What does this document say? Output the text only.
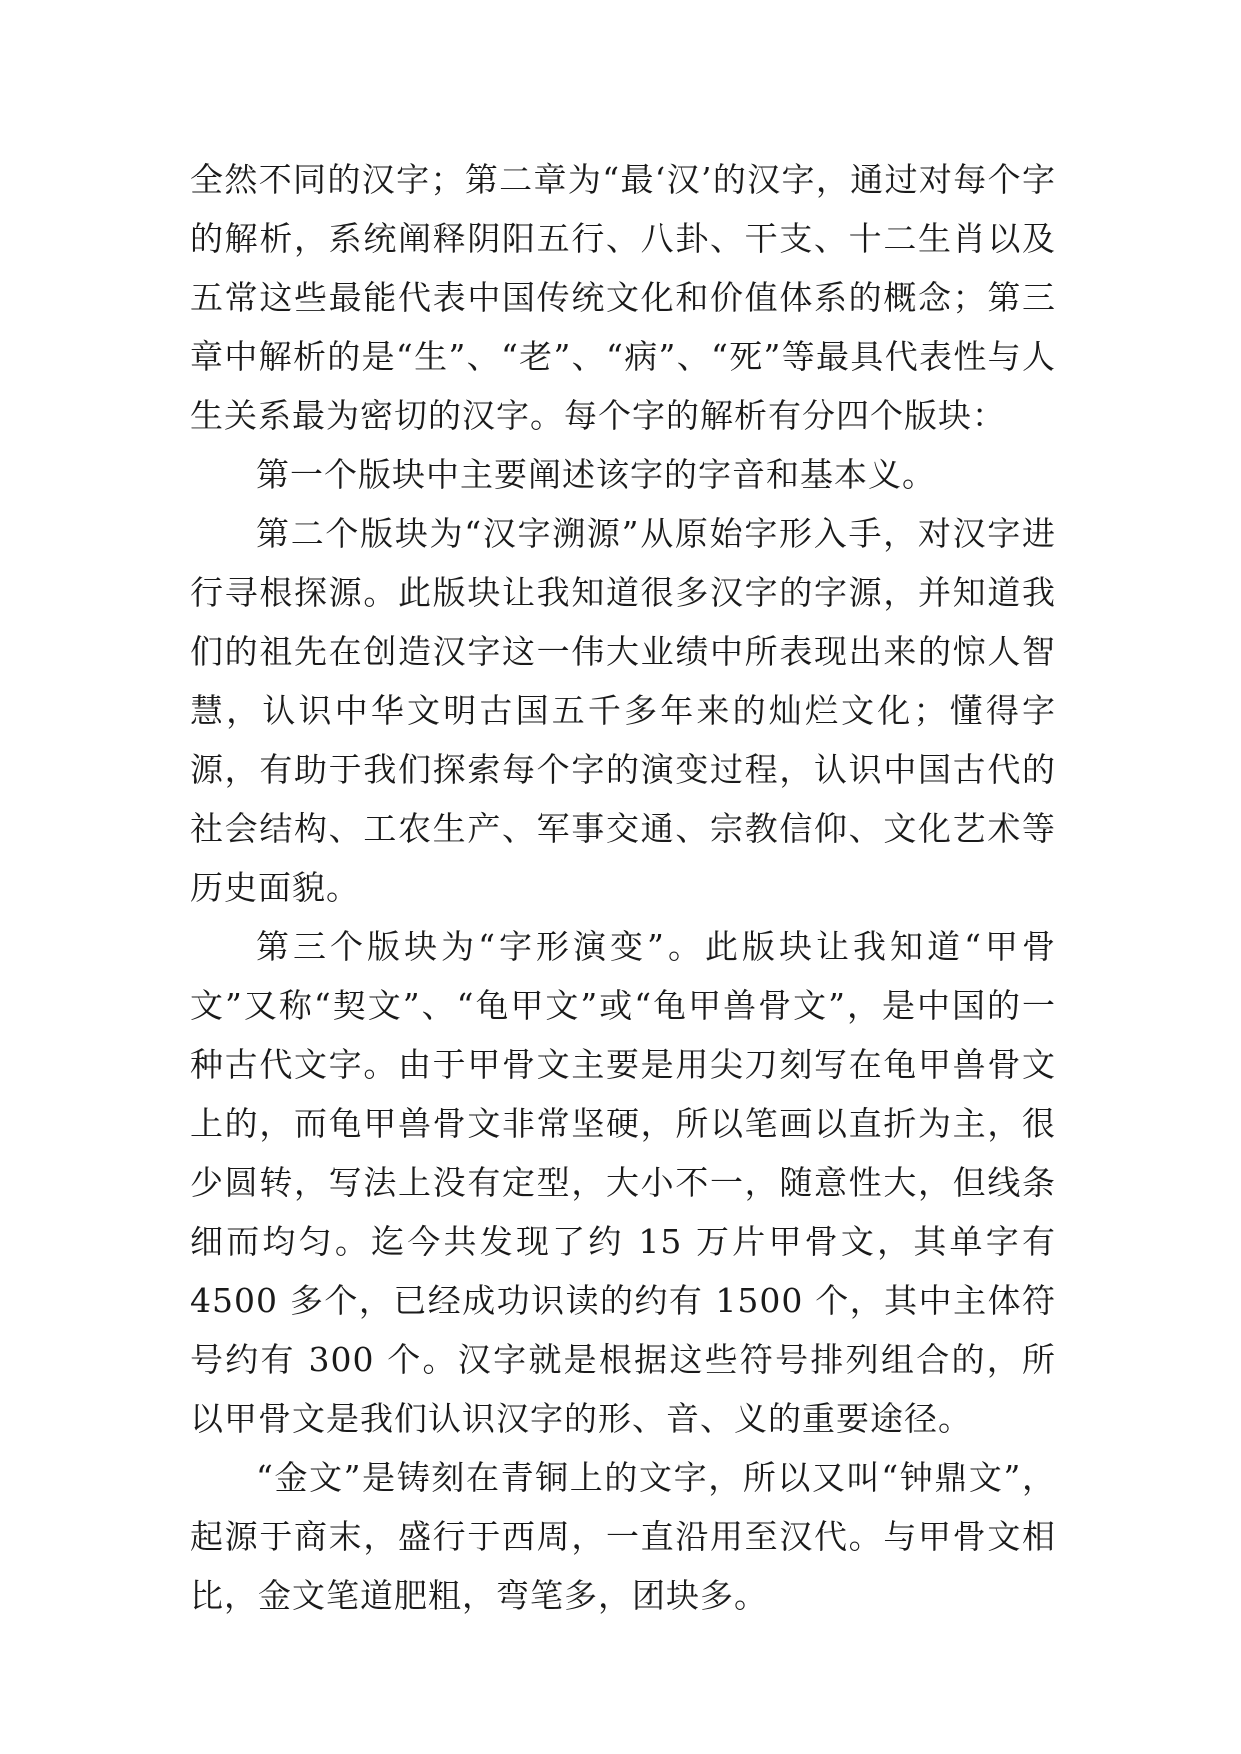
全然不同的汉字；第二章为“最‘汉’的汉字，通过对每个字的解析，系统阐释阴阳五行、八卦、干支、十二生肖以及五常这些最能代表中国传统文化和价值体系的概念；第三章中解析的是“生”、“老”、“病”、“死”等最具代表性与人生关系最为密切的汉字。每个字的解析有分四个版块：

第一个版块中主要阐述该字的字音和基本义。

第二个版块为“汉字溯源”从原始字形入手，对汉字进行寻根探源。此版块让我知道很多汉字的字源，并知道我们的祖先在创造汉字这一伟大业绩中所表现出来的惊人智慧，认识中华文明古国五千多年来的灿烂文化；懂得字源，有助于我们探索每个字的演变过程，认识中国古代的社会结构、工农生产、军事交通、宗教信仰、文化艺术等历史面貌。

第三个版块为“字形演变”。此版块让我知道“甲骨文”又称“契文”、“龟甲文”或“龟甲兽骨文”，是中国的一种古代文字。由于甲骨文主要是用尖刀刻写在龟甲兽骨文上的，而龟甲兽骨文非常坚硬，所以笔画以直折为主，很少圆转，写法上没有定型，大小不一，随意性大，但线条细而均匀。迄今共发现了约 15 万片甲骨文，其单字有 4500 多个，已经成功识读的约有 1500 个，其中主体符号约有 300 个。汉字就是根据这些符号排列组合的，所以甲骨文是我们认识汉字的形、音、义的重要途径。

“金文”是铸刻在青铜上的文字，所以又叫“钟鼎文”，起源于商末，盛行于西周，一直沿用至汉代。与甲骨文相比，金文笔道肥粗，弯笔多，团块多。
